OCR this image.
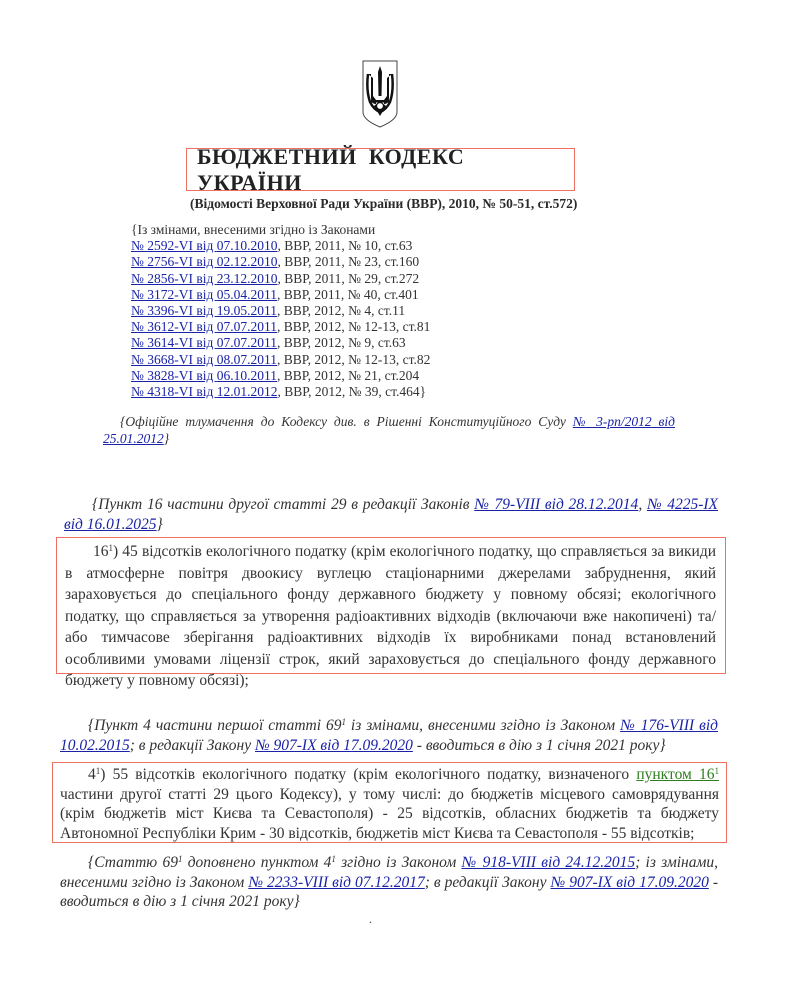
БЮДЖЕТНИЙ КОДЕКС УКРАЇНИ
(Відомості Верховної Ради України (ВВР), 2010, № 50-51, ст.572)
{Із змінами, внесеними згідно із Законами
№ 2592-VI від 07.10.2010, ВВР, 2011, № 10, ст.63
№ 2756-VI від 02.12.2010, ВВР, 2011, № 23, ст.160
№ 2856-VI від 23.12.2010, ВВР, 2011, № 29, ст.272
№ 3172-VI від 05.04.2011, ВВР, 2011, № 40, ст.401
№ 3396-VI від 19.05.2011, ВВР, 2012, № 4, ст.11
№ 3612-VI від 07.07.2011, ВВР, 2012, № 12-13, ст.81
№ 3614-VI від 07.07.2011, ВВР, 2012, № 9, ст.63
№ 3668-VI від 08.07.2011, ВВР, 2012, № 12-13, ст.82
№ 3828-VI від 06.10.2011, ВВР, 2012, № 21, ст.204
№ 4318-VI від 12.01.2012, ВВР, 2012, № 39, ст.464}
{Офіційне тлумачення до Кодексу див. в Рішенні Конституційного Суду № 3-рп/2012 від 25.01.2012}
{Пункт 16 частини другої статті 29 в редакції Законів № 79-VIII від 28.12.2014, № 4225-IX від 16.01.2025}

$16^1$) 45 відсотків екологічного податку (крім екологічного податку, що справляється за викиди в атмосферне повітря двоокису вуглецю стаціонарними джерелами забруднення, який зараховується до спеціального фонду державного бюджету у повному обсязі; екологічного податку, що справляється за утворення радіоактивних відходів (включаючи вже накопичені) та/або тимчасове зберігання радіоактивних відходів їх виробниками понад встановлений особливими умовами ліцензії строк, який зараховується до спеціального фонду державного бюджету у повному обсязі);

{Пункт 4 частини першої статті $69^1$ із змінами, внесеними згідно із Законом № 176-VIII від 10.02.2015; в редакції Закону № 907-IX від 17.09.2020 - вводиться в дію з 1 січня 2021 року}

$4^1$) 55 відсотків екологічного податку (крім екологічного податку, визначеного пунктом $16^1$ частини другої статті 29 цього Кодексу), у тому числі: до бюджетів місцевого самоврядування (крім бюджетів міст Києва та Севастополя) - 25 відсотків, обласних бюджетів та бюджету Автономної Республіки Крим - 30 відсотків, бюджетів міст Києва та Севастополя - 55 відсотків;

{Статтю $69^1$ доповнено пунктом $4^1$ згідно із Законом № 918-VIII від 24.12.2015; із змінами, внесеними згідно із Законом № 2233-VIII від 07.12.2017; в редакції Закону № 907-IX від 17.09.2020 - вводиться в дію з 1 січня 2021 року}
.
